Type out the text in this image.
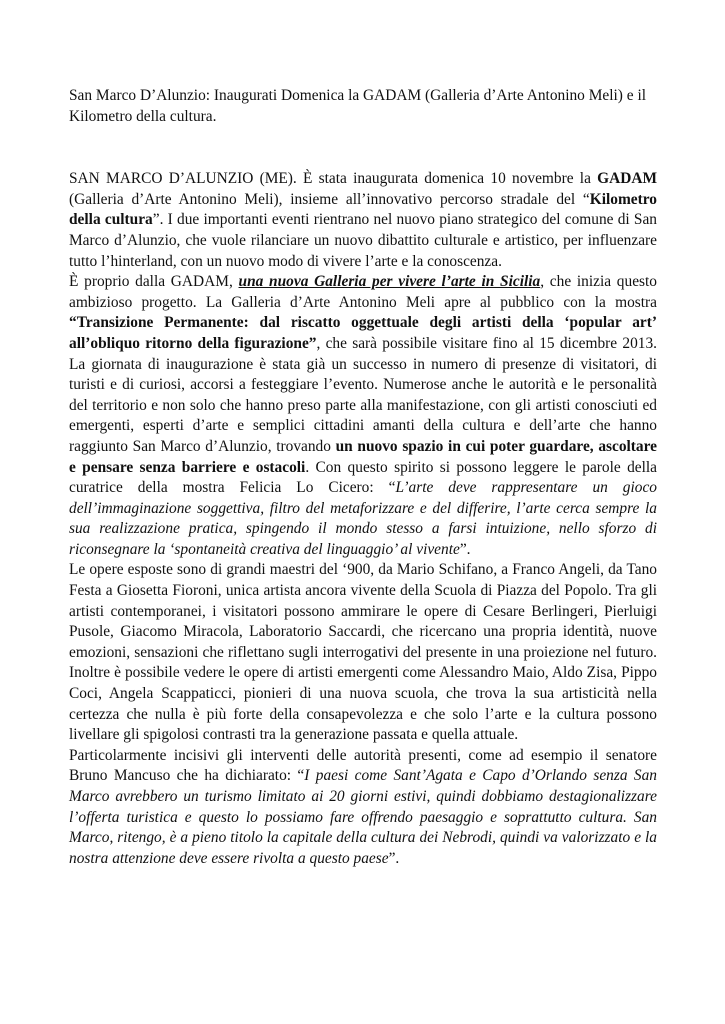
San Marco D’Alunzio: Inaugurati Domenica la GADAM (Galleria d’Arte Antonino Meli) e il Kilometro della cultura.

SAN MARCO D’ALUNZIO (ME). È stata inaugurata domenica 10 novembre la GADAM (Galleria d’Arte Antonino Meli), insieme all’innovativo percorso stradale del “Kilometro della cultura”. I due importanti eventi rientrano nel nuovo piano strategico del comune di San Marco d’Alunzio, che vuole rilanciare un nuovo dibattito culturale e artistico, per influenzare tutto l’hinterland, con un nuovo modo di vivere l’arte e la conoscenza.

È proprio dalla GADAM, una nuova Galleria per vivere l’arte in Sicilia, che inizia questo ambizioso progetto. La Galleria d’Arte Antonino Meli apre al pubblico con la mostra “Transizione Permanente: dal riscatto oggettuale degli artisti della ‘popular art’ all’obliquo ritorno della figurazione”, che sarà possibile visitare fino al 15 dicembre 2013. La giornata di inaugurazione è stata già un successo in numero di presenze di visitatori, di turisti e di curiosi, accorsi a festeggiare l’evento. Numerose anche le autorità e le personalità del territorio e non solo che hanno preso parte alla manifestazione, con gli artisti conosciuti ed emergenti, esperti d’arte e semplici cittadini amanti della cultura e dell’arte che hanno raggiunto San Marco d’Alunzio, trovando un nuovo spazio in cui poter guardare, ascoltare e pensare senza barriere e ostacoli. Con questo spirito si possono leggere le parole della curatrice della mostra Felicia Lo Cicero: “L’arte deve rappresentare un gioco dell’immaginazione soggettiva, filtro del metaforizzare e del differire, l’arte cerca sempre la sua realizzazione pratica, spingendo il mondo stesso a farsi intuizione, nello sforzo di riconsegnare la ‘spontaneità creativa del linguaggio’ al vivente”.

Le opere esposte sono di grandi maestri del ‘900, da Mario Schifano, a Franco Angeli, da Tano Festa a Giosetta Fioroni, unica artista ancora vivente della Scuola di Piazza del Popolo. Tra gli artisti contemporanei, i visitatori possono ammirare le opere di Cesare Berlingeri, Pierluigi Pusole, Giacomo Miracola, Laboratorio Saccardi, che ricercano una propria identità, nuove emozioni, sensazioni che riflettano sugli interrogativi del presente in una proiezione nel futuro. Inoltre è possibile vedere le opere di artisti emergenti come Alessandro Maio, Aldo Zisa, Pippo Coci, Angela Scappaticci, pionieri di una nuova scuola, che trova la sua artisticità nella certezza che nulla è più forte della consapevolezza e che solo l’arte e la cultura possono livellare gli spigolosi contrasti tra la generazione passata e quella attuale.

Particolarmente incisivi gli interventi delle autorità presenti, come ad esempio il senatore Bruno Mancuso che ha dichiarato: “I paesi come Sant’Agata e Capo d’Orlando senza San Marco avrebbero un turismo limitato ai 20 giorni estivi, quindi dobbiamo destagionalizzare l’offerta turistica e questo lo possiamo fare offrendo paesaggio e soprattutto cultura. San Marco, ritengo, è a pieno titolo la capitale della cultura dei Nebrodi, quindi va valorizzato e la nostra attenzione deve essere rivolta a questo paese”.
